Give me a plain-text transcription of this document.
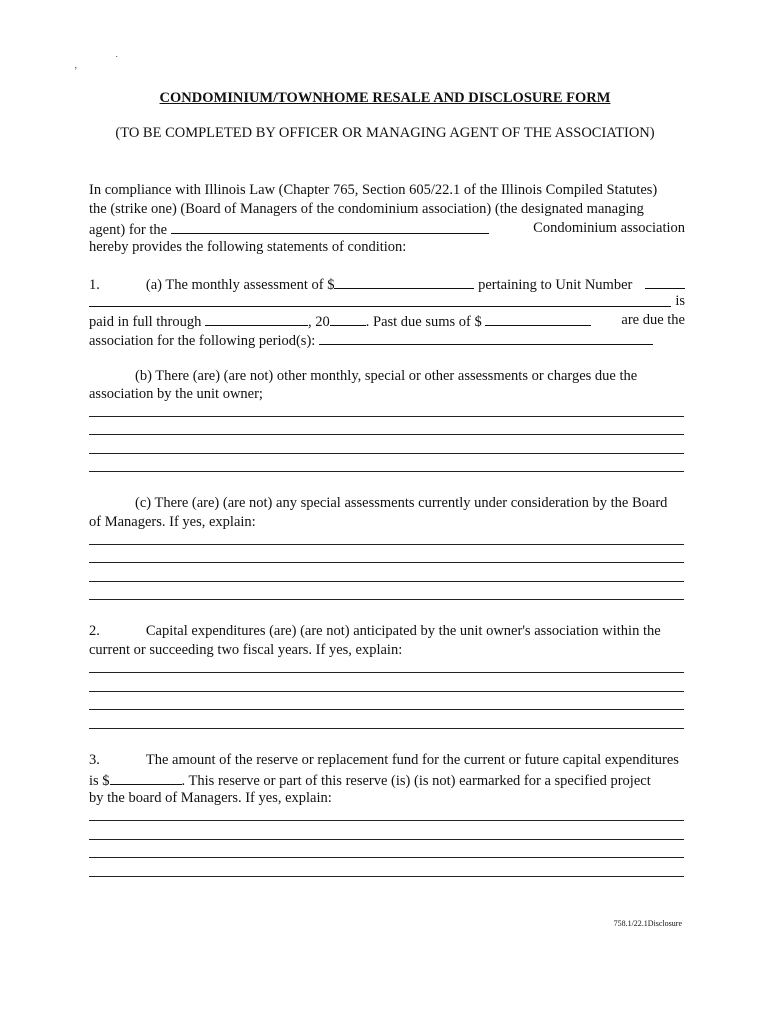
’
˙
CONDOMINIUM/TOWNHOME RESALE AND DISCLOSURE FORM
(TO BE COMPLETED BY OFFICER OR MANAGING AGENT OF THE ASSOCIATION)
In compliance with Illinois Law (Chapter 765, Section 605/22.1 of the Illinois Compiled Statutes)
the (strike one) (Board of Managers of the condominium association) (the designated managing
agent) for the	Condominium association
hereby provides the following statements of condition:
1.	(a) The monthly assessment of $	pertaining to Unit Number
is
paid in full through	, 20 . Past due sums of $	are due the
association for the following period(s):
(b) There (are) (are not) other monthly, special or other assessments or charges due the
association by the unit owner;
(c) There (are) (are not) any special assessments currently under consideration by the Board
of Managers. If yes, explain:
2.	Capital expenditures (are) (are not) anticipated by the unit owner's association within the
current or succeeding two fiscal years. If yes, explain:
3.	The amount of the reserve or replacement fund for the current or future capital expenditures
is $	. This reserve or part of this reserve (is) (is not) earmarked for a specified project
by the board of Managers. If yes, explain:
758.1/22.1Disclosure
